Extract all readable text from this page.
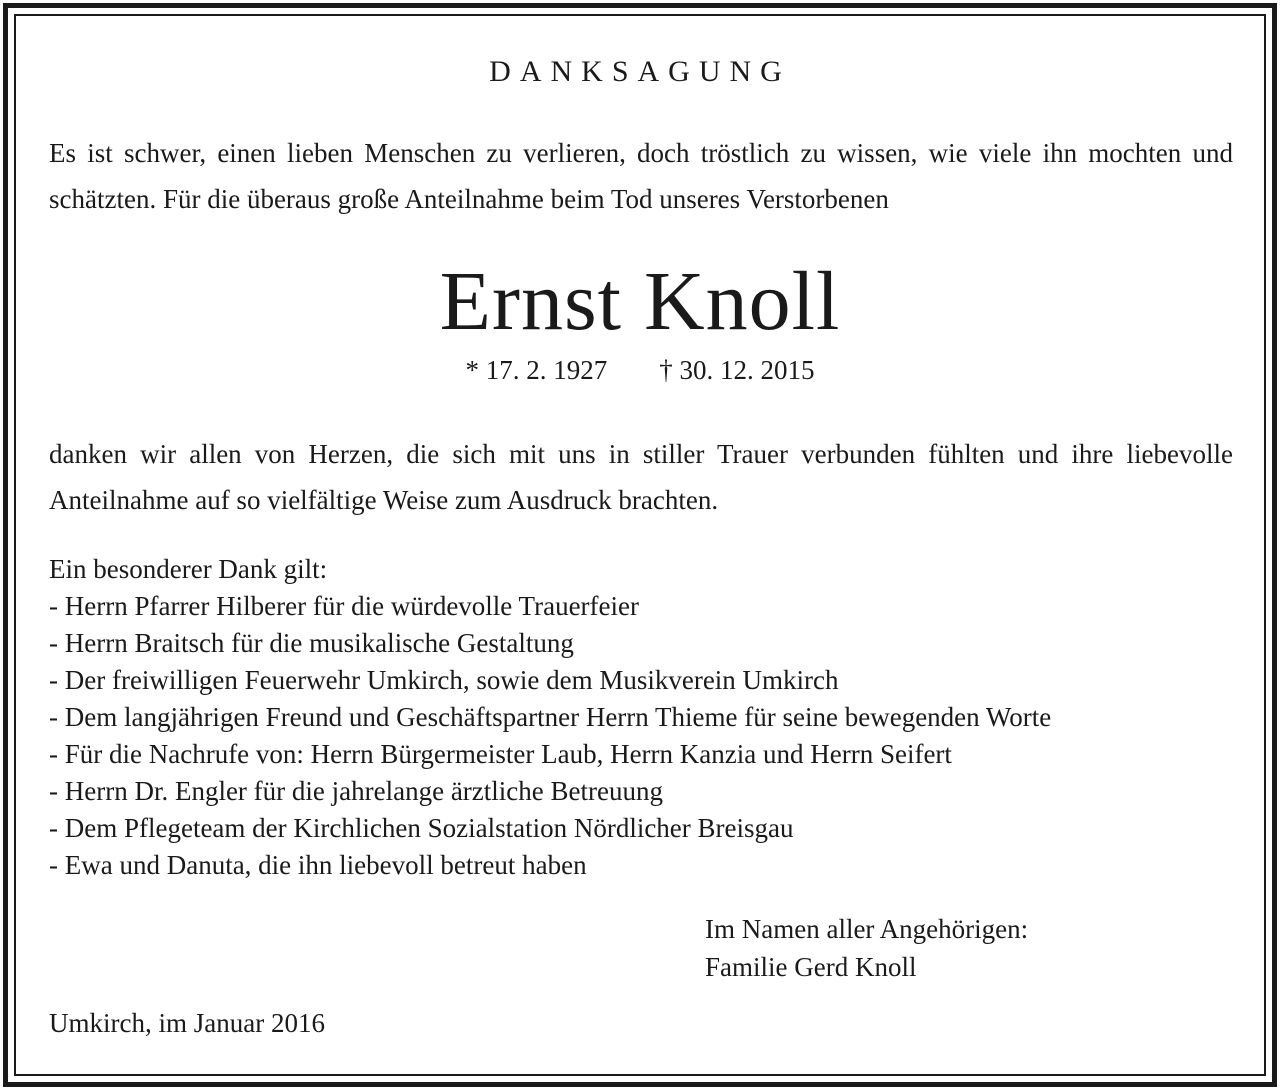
DANKSAGUNG
Es ist schwer, einen lieben Menschen zu verlieren, doch tröstlich zu wissen, wie viele ihn mochten und schätzten. Für die überaus große Anteilnahme beim Tod unseres Verstorbenen
Ernst Knoll
* 17. 2. 1927 † 30. 12. 2015
danken wir allen von Herzen, die sich mit uns in stiller Trauer verbunden fühlten und ihre liebevolle Anteilnahme auf so vielfältige Weise zum Ausdruck brachten.
Ein besonderer Dank gilt:
- Herrn Pfarrer Hilberer für die würdevolle Trauerfeier
- Herrn Braitsch für die musikalische Gestaltung
- Der freiwilligen Feuerwehr Umkirch, sowie dem Musikverein Umkirch
- Dem langjährigen Freund und Geschäftspartner Herrn Thieme für seine bewegenden Worte
- Für die Nachrufe von: Herrn Bürgermeister Laub, Herrn Kanzia und Herrn Seifert
- Herrn Dr. Engler für die jahrelange ärztliche Betreuung
- Dem Pflegeteam der Kirchlichen Sozialstation Nördlicher Breisgau
- Ewa und Danuta, die ihn liebevoll betreut haben
Im Namen aller Angehörigen:
Familie Gerd Knoll
Umkirch, im Januar 2016
